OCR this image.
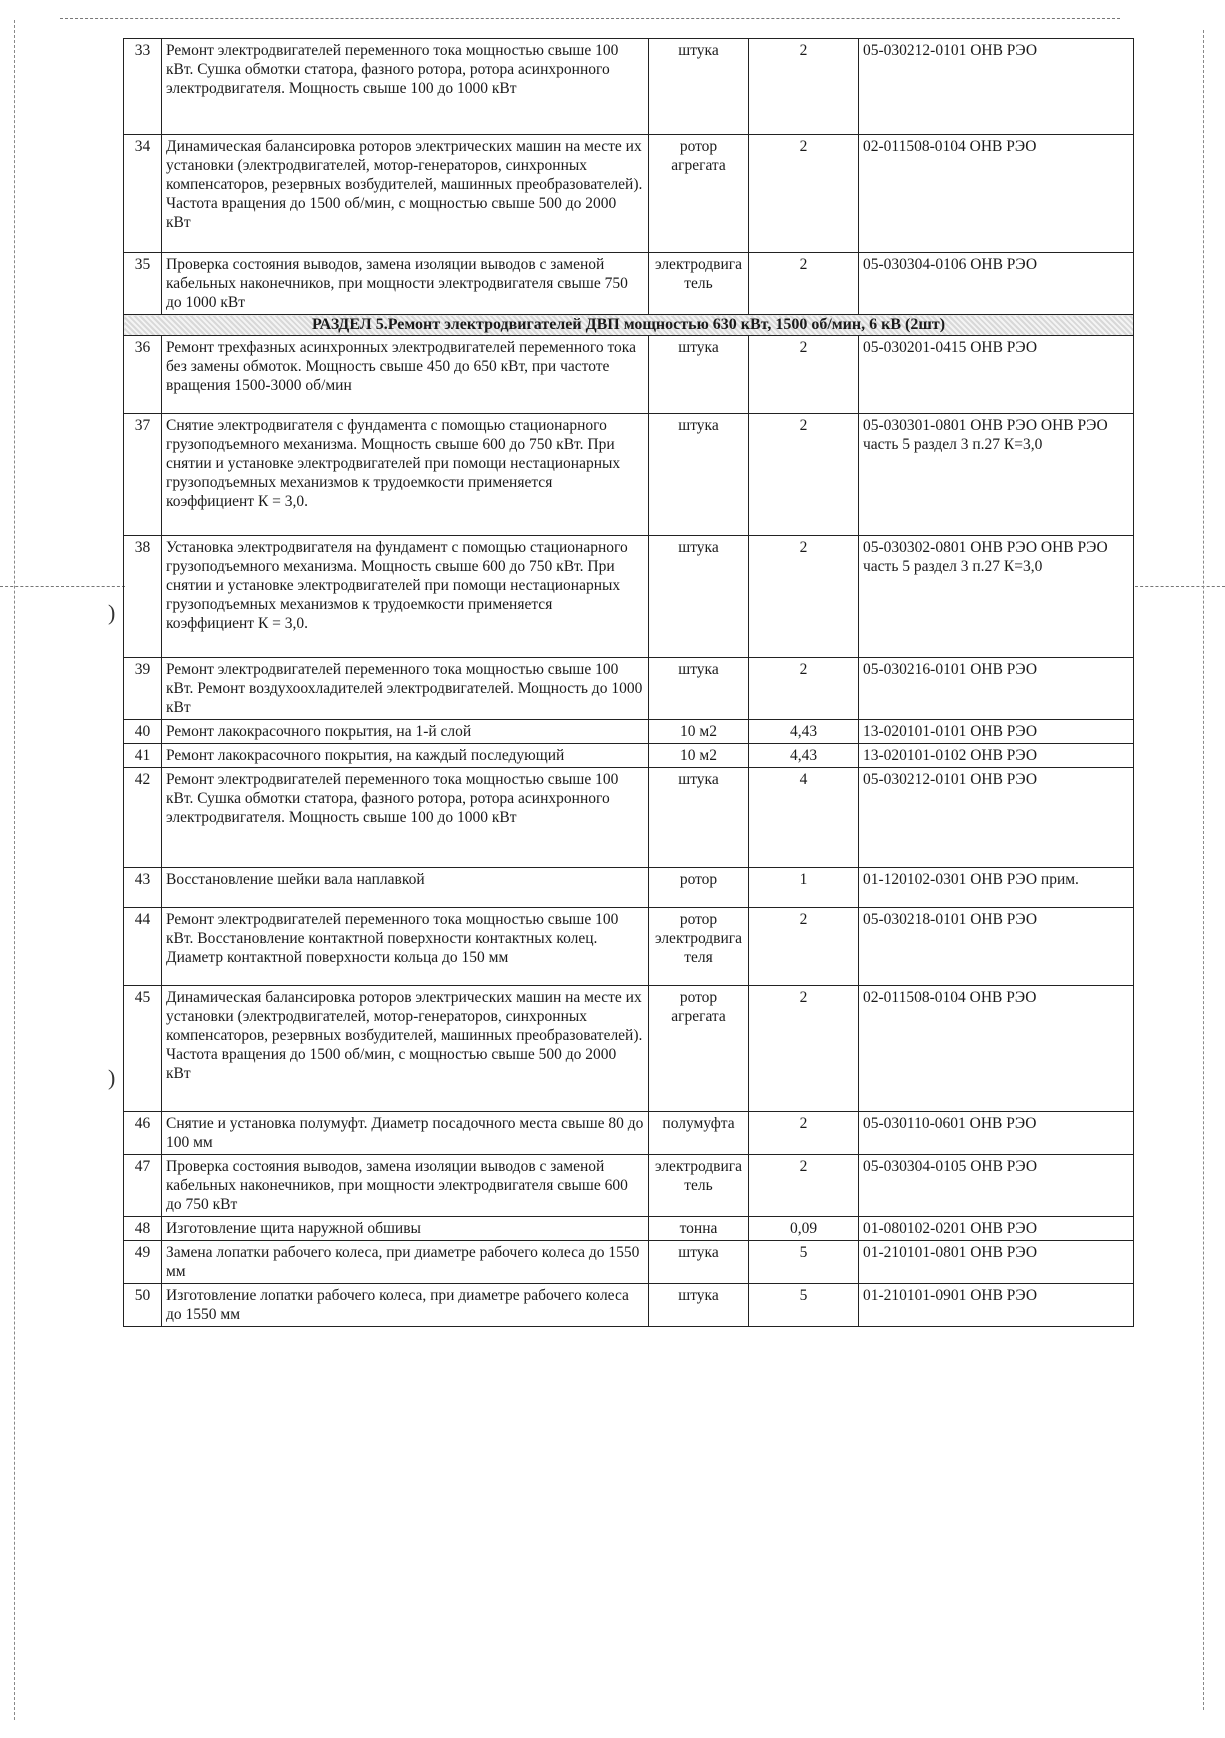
)
)
33	Ремонт электродвигателей переменного тока мощностью свыше 100 кВт. Сушка обмотки статора, фазного ротора, ротора асинхронного электродвигателя. Мощность свыше 100 до 1000 кВт	штука	2	05-030212-0101 ОНВ РЭО
34	Динамическая балансировка роторов электрических машин на месте их установки (электродвигателей, мотор-генераторов, синхронных компенсаторов, резервных возбудителей, машинных преобразователей). Частота вращения до 1500 об/мин, с мощностью свыше 500 до 2000 кВт	ротор агрегата	2	02-011508-0104 ОНВ РЭО
35	Проверка состояния выводов, замена изоляции выводов с заменой кабельных наконечников, при мощности электродвигателя свыше 750 до 1000 кВт	электродвига тель	2	05-030304-0106 ОНВ РЭО
РАЗДЕЛ 5.Ремонт электродвигателей ДВП мощностью 630 кВт, 1500 об/мин, 6 кВ (2шт)				
36	Ремонт трехфазных асинхронных электродвигателей переменного тока без замены обмоток. Мощность свыше 450 до 650 кВт, при частоте вращения 1500-3000 об/мин	штука	2	05-030201-0415 ОНВ РЭО
37	Снятие электродвигателя с фундамента с помощью стационарного грузоподъемного механизма. Мощность свыше 600 до 750 кВт. При снятии и установке электродвигателей при помощи нестационарных грузоподъемных механизмов к трудоемкости применяется коэффициент К = 3,0.	штука	2	05-030301-0801 ОНВ РЭО ОНВ РЭО часть 5 раздел 3 п.27 К=3,0
38	Установка электродвигателя на фундамент с помощью стационарного грузоподъемного механизма. Мощность свыше 600 до 750 кВт. При снятии и установке электродвигателей при помощи нестационарных грузоподъемных механизмов к трудоемкости применяется коэффициент К = 3,0.	штука	2	05-030302-0801 ОНВ РЭО ОНВ РЭО часть 5 раздел 3 п.27 К=3,0
39	Ремонт электродвигателей переменного тока мощностью свыше 100 кВт. Ремонт воздухоохладителей электродвигателей. Мощность до 1000 кВт	штука	2	05-030216-0101 ОНВ РЭО
40	Ремонт лакокрасочного покрытия, на 1-й слой	10 м2	4,43	13-020101-0101 ОНВ РЭО
41	Ремонт лакокрасочного покрытия, на каждый последующий	10 м2	4,43	13-020101-0102 ОНВ РЭО
42	Ремонт электродвигателей переменного тока мощностью свыше 100 кВт. Сушка обмотки статора, фазного ротора, ротора асинхронного электродвигателя. Мощность свыше 100 до 1000 кВт	штука	4	05-030212-0101 ОНВ РЭО
43	Восстановление шейки вала наплавкой	ротор	1	01-120102-0301 ОНВ РЭО прим.
44	Ремонт электродвигателей переменного тока мощностью свыше 100 кВт. Восстановление контактной поверхности контактных колец. Диаметр контактной поверхности кольца до 150 мм	ротор электродвига теля	2	05-030218-0101 ОНВ РЭО
45	Динамическая балансировка роторов электрических машин на месте их установки (электродвигателей, мотор-генераторов, синхронных компенсаторов, резервных возбудителей, машинных преобразователей). Частота вращения до 1500 об/мин, с мощностью свыше 500 до 2000 кВт	ротор агрегата	2	02-011508-0104 ОНВ РЭО
46	Снятие и установка полумуфт. Диаметр посадочного места свыше 80 до 100 мм	полумуфта	2	05-030110-0601 ОНВ РЭО
47	Проверка состояния выводов, замена изоляции выводов с заменой кабельных наконечников, при мощности электродвигателя свыше 600 до 750 кВт	электродвига тель	2	05-030304-0105 ОНВ РЭО
48	Изготовление щита наружной обшивы	тонна	0,09	01-080102-0201 ОНВ РЭО
49	Замена лопатки рабочего колеса, при диаметре рабочего колеса до 1550 мм	штука	5	01-210101-0801 ОНВ РЭО
50	Изготовление лопатки рабочего колеса, при диаметре рабочего колеса до 1550 мм	штука	5	01-210101-0901 ОНВ РЭО
